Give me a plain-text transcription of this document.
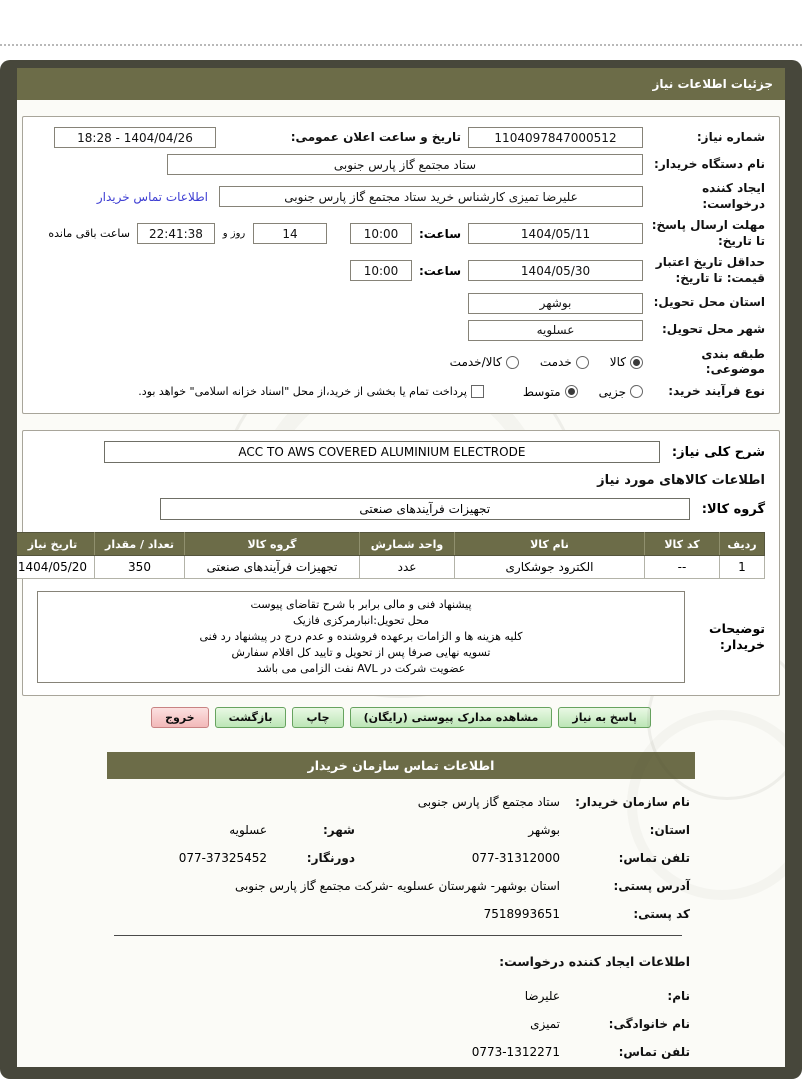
جزئیات اطلاعات نیاز
شماره نیاز:
1104097847000512
تاریخ و ساعت اعلان عمومی:
1404/04/26 - 18:28
نام دستگاه خریدار:
ستاد مجتمع گاز پارس جنوبی
ایجاد کننده درخواست:
علیرضا تمیزی کارشناس خرید ستاد مجتمع گاز پارس جنوبی
اطلاعات تماس خریدار
مهلت ارسال پاسخ: تا تاریخ:
1404/05/11
ساعت:
10:00
14
روز و
22:41:38
ساعت باقی مانده
حداقل تاریخ اعتبار قیمت: تا تاریخ:
1404/05/30
ساعت:
10:00
استان محل تحویل:
بوشهر
شهر محل تحویل:
عسلویه
طبقه بندی موضوعی:
کالا
خدمت
کالا/خدمت
نوع فرآیند خرید:
جزیی
متوسط
پرداخت تمام یا بخشی از خرید،از محل "اسناد خزانه اسلامی" خواهد بود.
شرح کلی نیاز:
ACC TO AWS COVERED ALUMINIUM ELECTRODE
اطلاعات کالاهای مورد نیاز
گروه کالا:
تجهیزات فرآیندهای صنعتی
ردیف	کد کالا	نام کالا	واحد شمارش	گروه کالا	تعداد / مقدار	تاریخ نیاز
1	--	الکترود جوشکاری	عدد	تجهیزات فرآیندهای صنعتی	350	1404/05/20
توضیحات خریدار:
پیشنهاد فنی و مالی برابر با شرح تقاضای پیوست
محل تحویل:انبارمرکزی فازیک
کلیه هزینه ها و الزامات برعهده فروشنده و عدم درج در پیشنهاد رد فنی
تسویه نهایی صرفا پس از تحویل و تایید کل اقلام سفارش
عضویت شرکت در AVL نفت الزامی می باشد
پاسخ به نیاز
مشاهده مدارک پیوستی (رایگان)
چاپ
بازگشت
خروج
اطلاعات تماس سازمان خریدار
نام سازمان خریدار:
ستاد مجتمع گاز پارس جنوبی
استان:
بوشهر
شهر:
عسلویه
تلفن تماس:
077-31312000
دورنگار:
077-37325452
آدرس پستی:
استان بوشهر- شهرستان عسلویه -شرکت مجتمع گاز پارس جنوبی
کد پستی:
7518993651
اطلاعات ایجاد کننده درخواست:
نام:
علیرضا
نام خانوادگی:
تمیزی
تلفن تماس:
0773-1312271
